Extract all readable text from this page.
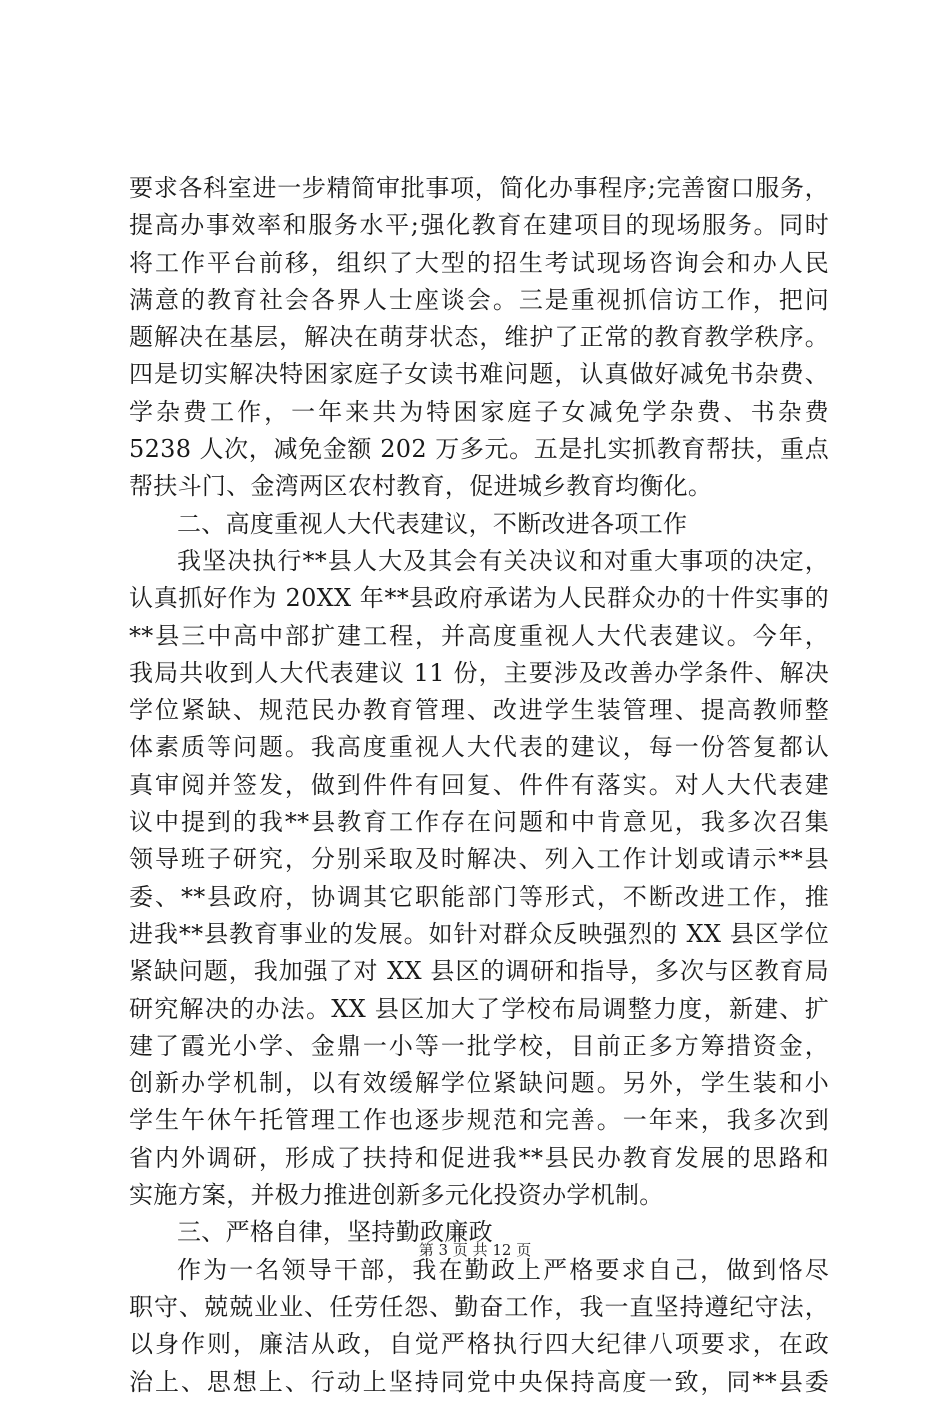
要求各科室进一步精简审批事项，简化办事程序;完善窗口服务，
提高办事效率和服务水平;强化教育在建项目的现场服务。同时
将工作平台前移，组织了大型的招生考试现场咨询会和办人民
满意的教育社会各界人士座谈会。三是重视抓信访工作，把问
题解决在基层，解决在萌芽状态，维护了正常的教育教学秩序。
四是切实解决特困家庭子女读书难问题，认真做好减免书杂费、
学杂费工作，一年来共为特困家庭子女减免学杂费、书杂费
5238 人次，减免金额 202 万多元。五是扎实抓教育帮扶，重点
帮扶斗门、金湾两区农村教育，促进城乡教育均衡化。
二、高度重视人大代表建议，不断改进各项工作
我坚决执行**县人大及其会有关决议和对重大事项的决定，
认真抓好作为 20XX 年**县政府承诺为人民群众办的十件实事的
**县三中高中部扩建工程，并高度重视人大代表建议。今年，
我局共收到人大代表建议 11 份，主要涉及改善办学条件、解决
学位紧缺、规范民办教育管理、改进学生装管理、提高教师整
体素质等问题。我高度重视人大代表的建议，每一份答复都认
真审阅并签发，做到件件有回复、件件有落实。对人大代表建
议中提到的我**县教育工作存在问题和中肯意见，我多次召集
领导班子研究，分别采取及时解决、列入工作计划或请示**县
委、**县政府，协调其它职能部门等形式，不断改进工作，推
进我**县教育事业的发展。如针对群众反映强烈的 XX 县区学位
紧缺问题，我加强了对 XX 县区的调研和指导，多次与区教育局
研究解决的办法。XX 县区加大了学校布局调整力度，新建、扩
建了霞光小学、金鼎一小等一批学校，目前正多方筹措资金，
创新办学机制，以有效缓解学位紧缺问题。另外，学生装和小
学生午休午托管理工作也逐步规范和完善。一年来，我多次到
省内外调研，形成了扶持和促进我**县民办教育发展的思路和
实施方案，并极力推进创新多元化投资办学机制。
三、严格自律，坚持勤政廉政
作为一名领导干部，我在勤政上严格要求自己，做到恪尽
职守、兢兢业业、任劳任怨、勤奋工作，我一直坚持遵纪守法，
以身作则，廉洁从政，自觉严格执行四大纪律八项要求，在政
治上、思想上、行动上坚持同党中央保持高度一致，同**县委
第 3 页 共 12 页
